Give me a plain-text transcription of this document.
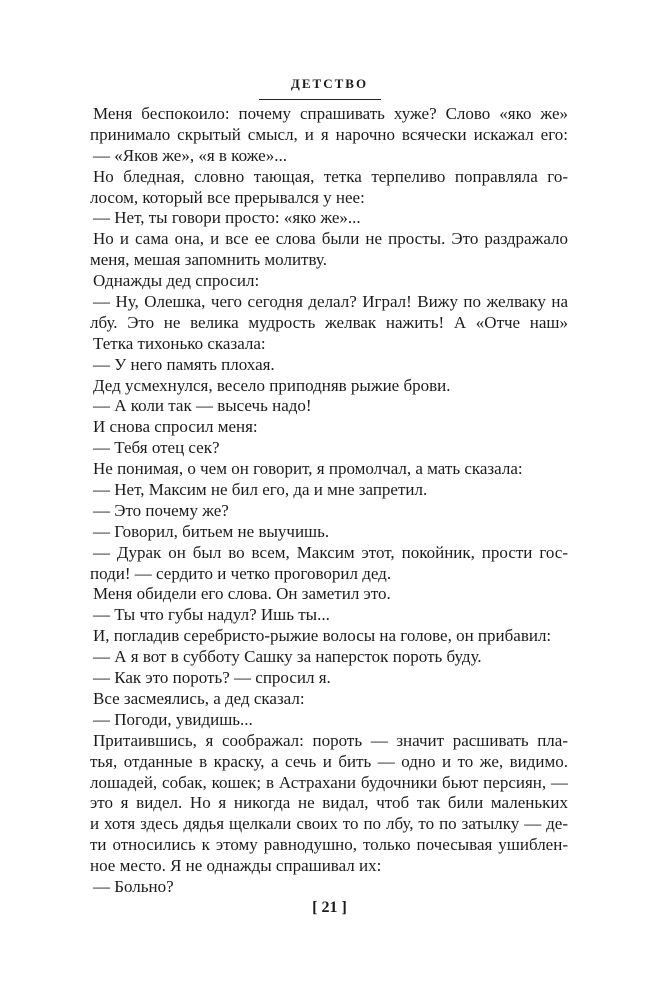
ДЕТСТВО
Меня беспокоило: почему спрашивать хуже? Слово «яко же»
принимало скрытый смысл, и я нарочно всячески искажал его:
— «Яков же», «я в коже»...
Но бледная, словно тающая, тетка терпеливо поправляла го-
лосом, который все прерывался у нее:
— Нет, ты говори просто: «яко же»...
Но и сама она, и все ее слова были не просты. Это раздражало
меня, мешая запомнить молитву.
Однажды дед спросил:
— Ну, Олешка, чего сегодня делал? Играл! Вижу по желваку на
лбу. Это не велика мудрость желвак нажить! А «Отче наш»
Тетка тихонько сказала:
— У него память плохая.
Дед усмехнулся, весело приподняв рыжие брови.
— А коли так — высечь надо!
И снова спросил меня:
— Тебя отец сек?
Не понимая, о чем он говорит, я промолчал, а мать сказала:
— Нет, Максим не бил его, да и мне запретил.
— Это почему же?
— Говорил, битьем не выучишь.
— Дурак он был во всем, Максим этот, покойник, прости гос-
поди! — сердито и четко проговорил дед.
Меня обидели его слова. Он заметил это.
— Ты что губы надул? Ишь ты...
И, погладив серебристо-рыжие волосы на голове, он прибавил:
— А я вот в субботу Сашку за наперсток пороть буду.
— Как это пороть? — спросил я.
Все засмеялись, а дед сказал:
— Погоди, увидишь...
Притаившись, я соображал: пороть — значит расшивать пла-
тья, отданные в краску, а сечь и бить — одно и то же, видимо.
лошадей, собак, кошек; в Астрахани будочники бьют персиян, —
это я видел. Но я никогда не видал, чтоб так били маленьких
и хотя здесь дядья щелкали своих то по лбу, то по затылку — де-
ти относились к этому равнодушно, только почесывая ушиблен-
ное место. Я не однажды спрашивал их:
— Больно?
[ 21 ]
